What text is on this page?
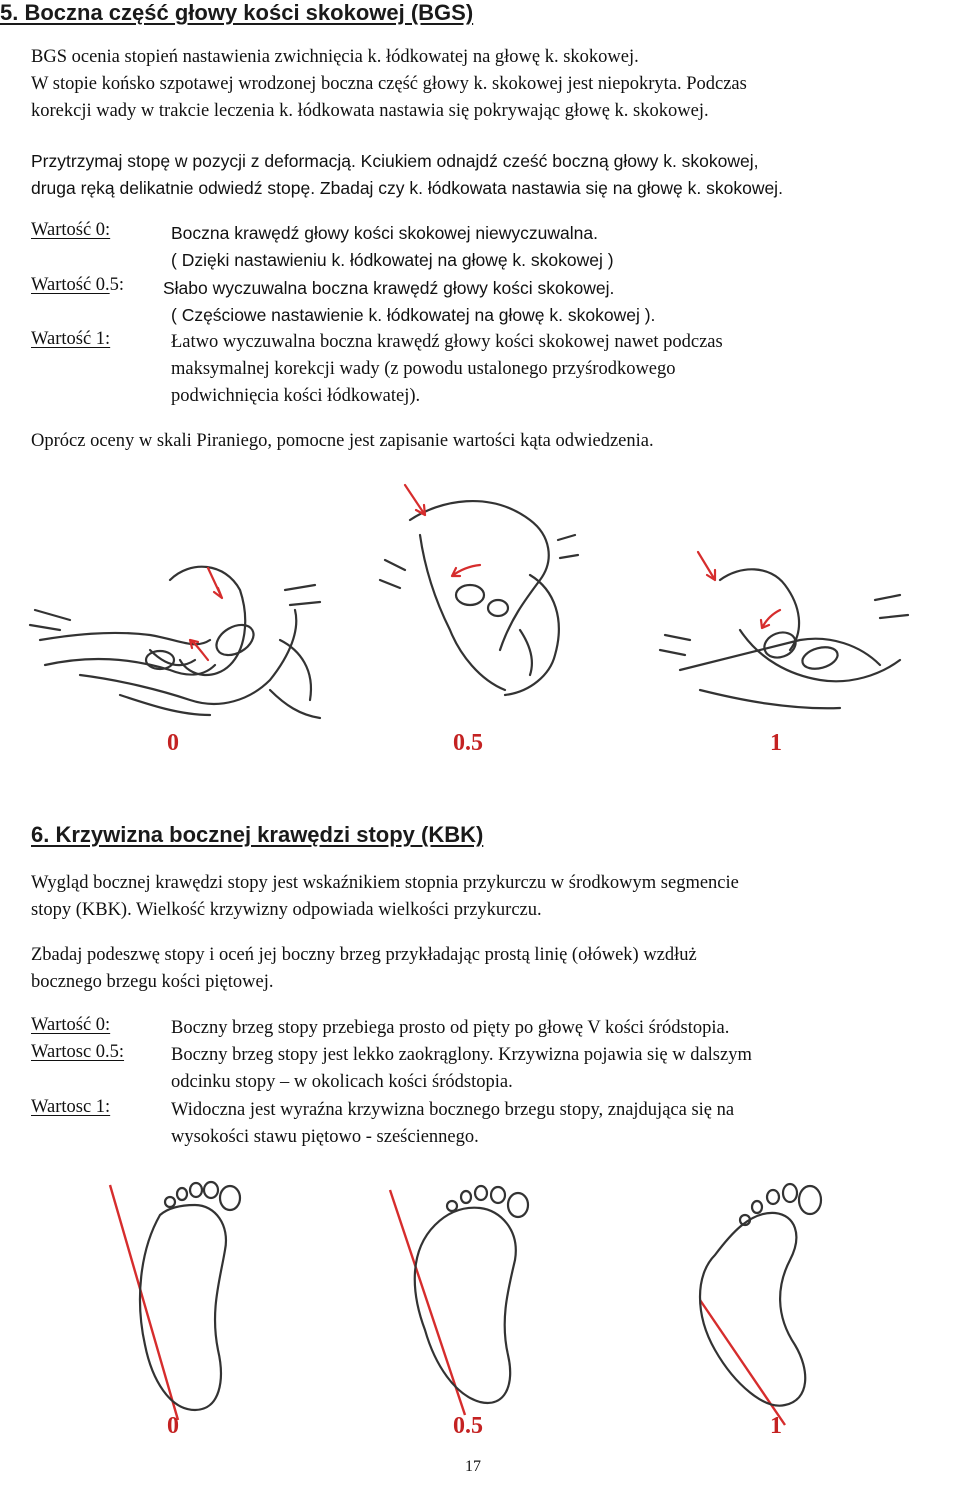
5. Boczna część głowy kości skokowej (BGS)
BGS ocenia stopień nastawienia zwichnięcia k. łódkowatej na głowę k. skokowej.
W stopie końsko szpotawej wrodzonej boczna część głowy k. skokowej jest niepokryta. Podczas
korekcji wady w trakcie leczenia k. łódkowata nastawia się pokrywając głowę k. skokowej.
Przytrzymaj stopę w pozycji z deformacją. Kciukiem odnajdź cześć boczną głowy k. skokowej,
druga ręką delikatnie odwiedź stopę. Zbadaj czy k. łódkowata nastawia się na głowę k. skokowej.
Wartość 0:	Boczna krawędź głowy kości skokowej niewyczuwalna.
( Dzięki nastawieniu k. łódkowatej na głowę k. skokowej )
Wartość 0.5: Słabo wyczuwalna boczna krawędź głowy kości skokowej.
( Częściowe nastawienie k. łódkowatej na głowę k. skokowej ).
Wartość 1:	Łatwo wyczuwalna boczna krawędź głowy kości skokowej nawet podczas
maksymalnej korekcji wady (z powodu ustalonego przyśrodkowego
podwichnięcia kości łódkowatej).
Oprócz oceny w skali Piraniego, pomocne jest zapisanie wartości kąta odwiedzenia.
0	0.5	1
6. Krzywizna bocznej krawędzi stopy (KBK)
Wygląd bocznej krawędzi stopy jest wskaźnikiem stopnia przykurczu w środkowym segmencie
stopy (KBK). Wielkość krzywizny odpowiada wielkości przykurczu.
Zbadaj podeszwę stopy i oceń jej boczny brzeg przykładając prostą linię (ołówek) wzdłuż
bocznego brzegu kości piętowej.
Wartość 0:	Boczny brzeg stopy przebiega prosto od pięty po głowę V kości śródstopia.
Wartosc 0.5:	Boczny brzeg stopy jest lekko zaokrąglony. Krzywizna pojawia się w dalszym
odcinku stopy – w okolicach kości śródstopia.
Wartosc 1:	Widoczna jest wyraźna krzywizna bocznego brzegu stopy, znajdująca się na
wysokości stawu piętowo - sześciennego.
0	0.5	1
17
